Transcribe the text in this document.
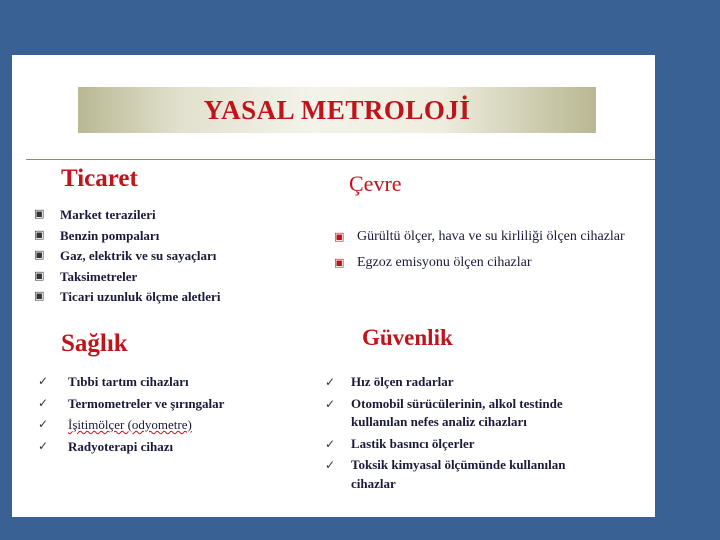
YASAL METROLOJİ
Ticaret
▣ Market terazileri
▣ Benzin pompaları
▣ Gaz, elektrik ve su sayaçları
▣ Taksimetreler
▣ Ticari uzunluk ölçme aletleri
Çevre
▣ Gürültü ölçer, hava ve su kirliliği ölçen cihazlar
▣ Egzoz emisyonu ölçen cihazlar
Sağlık
✓ Tıbbi tartım cihazları
✓ Termometreler ve şırıngalar
✓ İşitimölçer (odyometre)
✓ Radyoterapi cihazı
Güvenlik
✓ Hız ölçen radarlar
✓ Otomobil sürücülerinin, alkol testinde kullanılan nefes analiz cihazları
✓ Lastik basıncı ölçerler
✓ Toksik kimyasal ölçümünde kullanılan cihazlar
